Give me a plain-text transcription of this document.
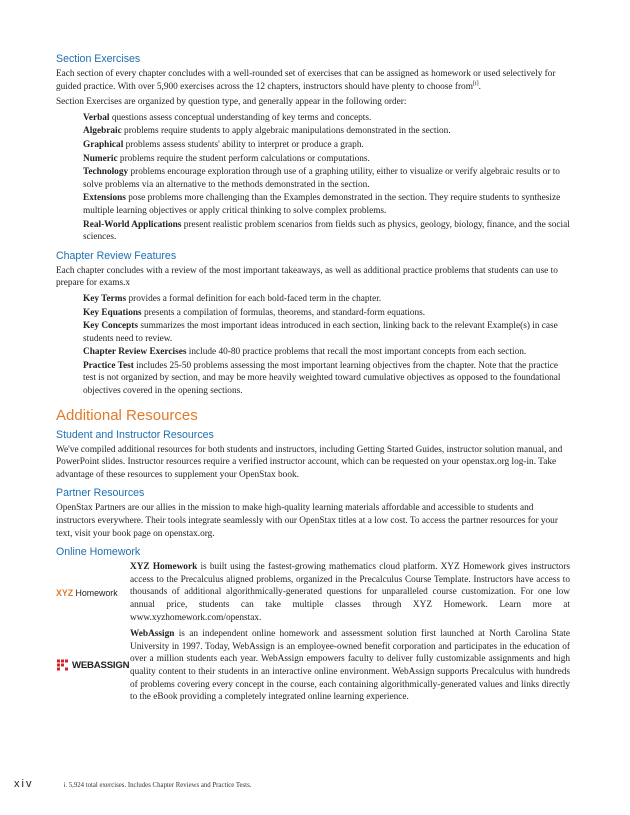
Section Exercises

Each section of every chapter concludes with a well-rounded set of exercises that can be assigned as homework or used selectively for guided practice. With over 5,900 exercises across the 12 chapters, instructors should have plenty to choose from[i].

Section Exercises are organized by question type, and generally appear in the following order:

Verbal questions assess conceptual understanding of key terms and concepts.

Algebraic problems require students to apply algebraic manipulations demonstrated in the section.

Graphical problems assess students' ability to interpret or produce a graph.

Numeric problems require the student perform calculations or computations.

Technology problems encourage exploration through use of a graphing utility, either to visualize or verify algebraic results or to solve problems via an alternative to the methods demonstrated in the section.

Extensions pose problems more challenging than the Examples demonstrated in the section. They require students to synthesize multiple learning objectives or apply critical thinking to solve complex problems.

Real-World Applications present realistic problem scenarios from fields such as physics, geology, biology, finance, and the social sciences.

Chapter Review Features

Each chapter concludes with a review of the most important takeaways, as well as additional practice problems that students can use to prepare for exams.x

Key Terms provides a formal definition for each bold-faced term in the chapter.

Key Equations presents a compilation of formulas, theorems, and standard-form equations.

Key Concepts summarizes the most important ideas introduced in each section, linking back to the relevant Example(s) in case students need to review.

Chapter Review Exercises include 40-80 practice problems that recall the most important concepts from each section.

Practice Test includes 25-50 problems assessing the most important learning objectives from the chapter. Note that the practice test is not organized by section, and may be more heavily weighted toward cumulative objectives as opposed to the foundational objectives covered in the opening sections.

Additional Resources
Student and Instructor Resources

We've compiled additional resources for both students and instructors, including Getting Started Guides, instructor solution manual, and PowerPoint slides. Instructor resources require a verified instructor account, which can be requested on your openstax.org log-in. Take advantage of these resources to supplement your OpenStax book.

Partner Resources

OpenStax Partners are our allies in the mission to make high-quality learning materials affordable and accessible to students and instructors everywhere. Their tools integrate seamlessly with our OpenStax titles at a low cost. To access the partner resources for your text, visit your book page on openstax.org.

Online Homework
XYZ Homework

XYZ Homework is built using the fastest-growing mathematics cloud platform. XYZ Homework gives instructors access to the Precalculus aligned problems, organized in the Precalculus Course Template. Instructors have access to thousands of additional algorithmically-generated questions for unparalleled course customization. For one low annual price, students can take multiple classes through XYZ Homework. Learn more at www.xyzhomework.com/openstax.

WEBASSIGN

WebAssign is an independent online homework and assessment solution first launched at North Carolina State University in 1997. Today, WebAssign is an employee-owned benefit corporation and participates in the education of over a million students each year. WebAssign empowers faculty to deliver fully customizable assignments and high quality content to their students in an interactive online environment. WebAssign supports Precalculus with hundreds of problems covering every concept in the course, each containing algorithmically-generated values and links directly to the eBook providing a completely integrated online learning experience.

xiv	i. 5,924 total exercises. Includes Chapter Reviews and Practice Tests.
